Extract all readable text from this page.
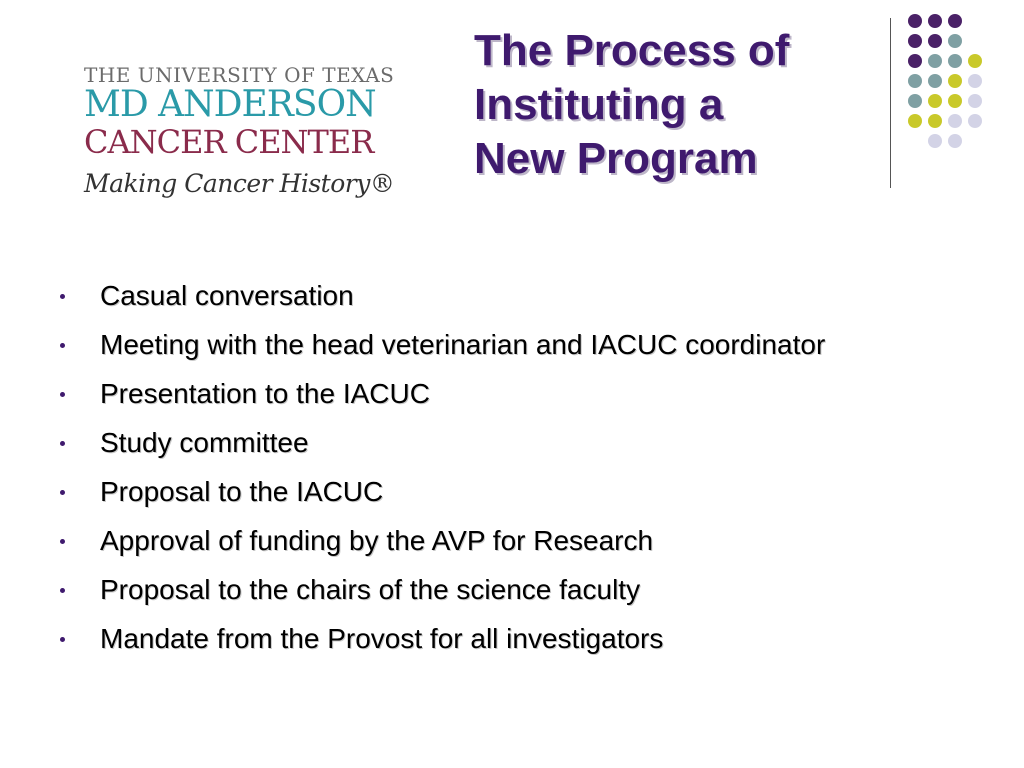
THE UNIVERSITY OF TEXAS
MD ANDERSON
CANCER CENTER
Making Cancer History®
The Process of
Instituting a
New Program
Casual conversation
Meeting with the head veterinarian and IACUC coordinator
Presentation to the IACUC
Study committee
Proposal to the IACUC
Approval of funding by the AVP for Research
Proposal to the chairs of the science faculty
Mandate from the Provost for all investigators
